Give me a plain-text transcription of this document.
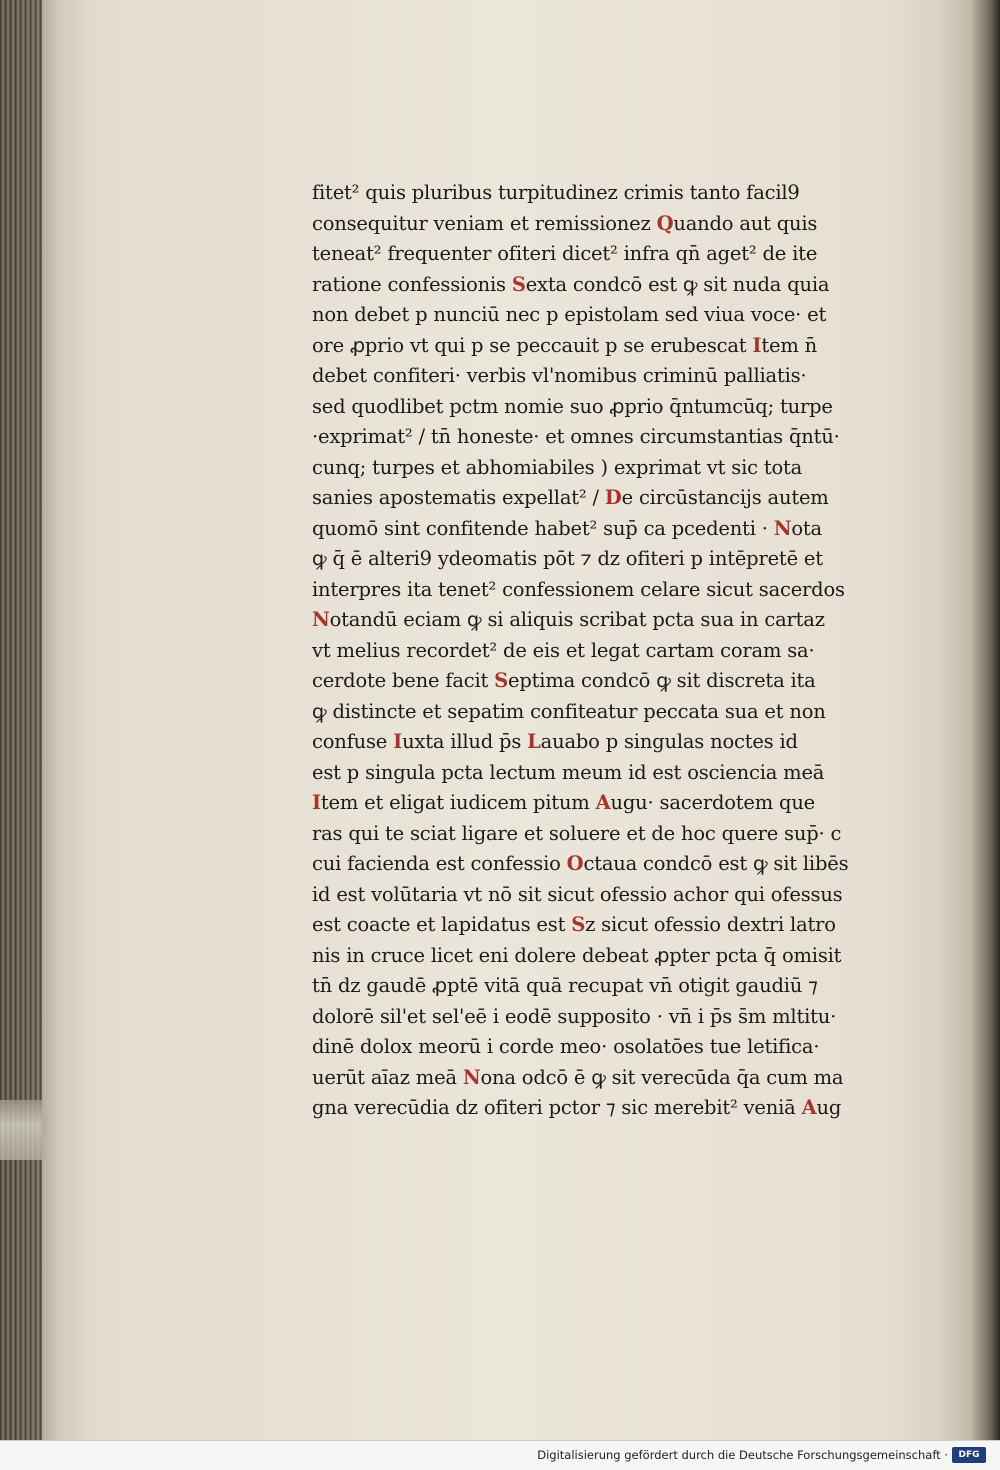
fitet² quis pluribus turpitudinez crimis tanto facil9
consequitur veniam et remissionez Quando aut quis
teneat² frequenter ofiteri dicet² infra qn̄ aget² de ite
ratione confessionis Sexta condcō est ꝙ sit nuda quia
non debet p nunciū nec p epistolam sed viua voce· et
ore ꝓprio vt qui p se peccauit p se erubescat Item n̄
debet confiteri· verbis vl'nomibus criminū palliatis·
sed quodlibet pctm nomie suo ꝓprio q̄ntumcūq; turpe
·exprimat² / tn̄ honeste· et omnes circumstantias q̄ntū·
cunq; turpes et abhomiabiles ) exprimat vt sic tota
sanies apostematis expellat² / De circūstancijs autem
quomō sint confitende habet² sup̄ ca pcedenti · Nota
ꝙ q̄ ē alteri9 ydeomatis pōt ⁊ dz ofiteri p intēpretē et
interpres ita tenet² confessionem celare sicut sacerdos
Notandū eciam ꝙ si aliquis scribat pcta sua in cartaz
vt melius recordet² de eis et legat cartam coram sa·
cerdote bene facit Septima condcō ꝙ sit discreta ita
ꝙ distincte et sepatim confiteatur peccata sua et non
confuse Iuxta illud p̄s Lauabo p singulas noctes id
est p singula pcta lectum meum id est osciencia meā
Item et eligat iudicem pitum Augu· sacerdotem que
ras qui te sciat ligare et soluere et de hoc quere sup̄· c
cui facienda est confessio Octaua condcō est ꝙ sit libēs
id est volūtaria vt nō sit sicut ofessio achor qui ofessus
est coacte et lapidatus est Sz sicut ofessio dextri latro
nis in cruce licet eni dolere debeat ꝓpter pcta q̄ omisit
tn̄ dz gaudē ꝓptē vitā quā recupat vn̄ otigit gaudiū ⁊
dolorē sil'et sel'eē i eodē supposito · vn̄ i p̄s s̄m mltitu·
dinē dolox meorū i corde meo· osolatōes tue letifica·
uerūt aīaz meā Nona odcō ē ꝙ sit verecūda q̄a cum ma
gna verecūdia dz ofiteri pctor ⁊ sic merebit² veniā Aug
Digitalisierung gefördert durch die Deutsche Forschungsgemeinschaft · DFG
